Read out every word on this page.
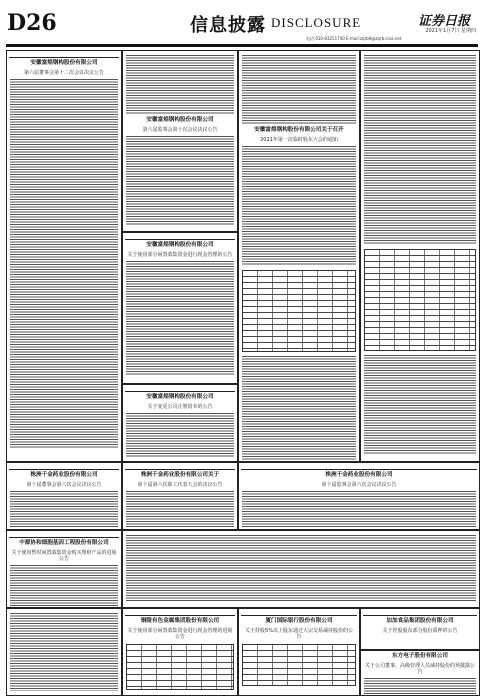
D26	信息披露 DISCLOSURE	证券日报
2021年1月7日 星期四
电话:010-83251700 E-mail:zqrb9@zqrb.sina.net
安徽富煌钢构股份有限公司
第六届董事会第十二次会议决议公告
安徽富煌钢构股份有限公司
第六届监事会第十次会议决议公告
安徽富煌钢构股份有限公司
关于使用部分闲置募集资金进行现金管理的公告
安徽富煌钢构股份有限公司
关于变更公司注册资本的公告
安徽富煌钢构股份有限公司关于召开
2021年第一次临时股东大会的通知
株洲千金药业股份有限公司
第十届董事会第八次会议决议公告
株洲千金药业股份有限公司关于
第十届第六次职工代表大会的决议公告
株洲千金药业股份有限公司
第十届监事会第六次会议决议公告
中源协和细胞基因工程股份有限公司
关于使用暂时闲置募集资金购买理财产品的进展公告
铜陵有色金属集团股份有限公司
关于使用部分闲置募集资金进行现金管理的进展公告
厦门国际银行股份有限公司
关于持股5%以上股东通过大宗交易减持股份的公告
加加食品集团股份有限公司
关于控股股东部分股份质押的公告
东方电子股份有限公司
关于公司董事、高级管理人员减持股份的预披露公告
